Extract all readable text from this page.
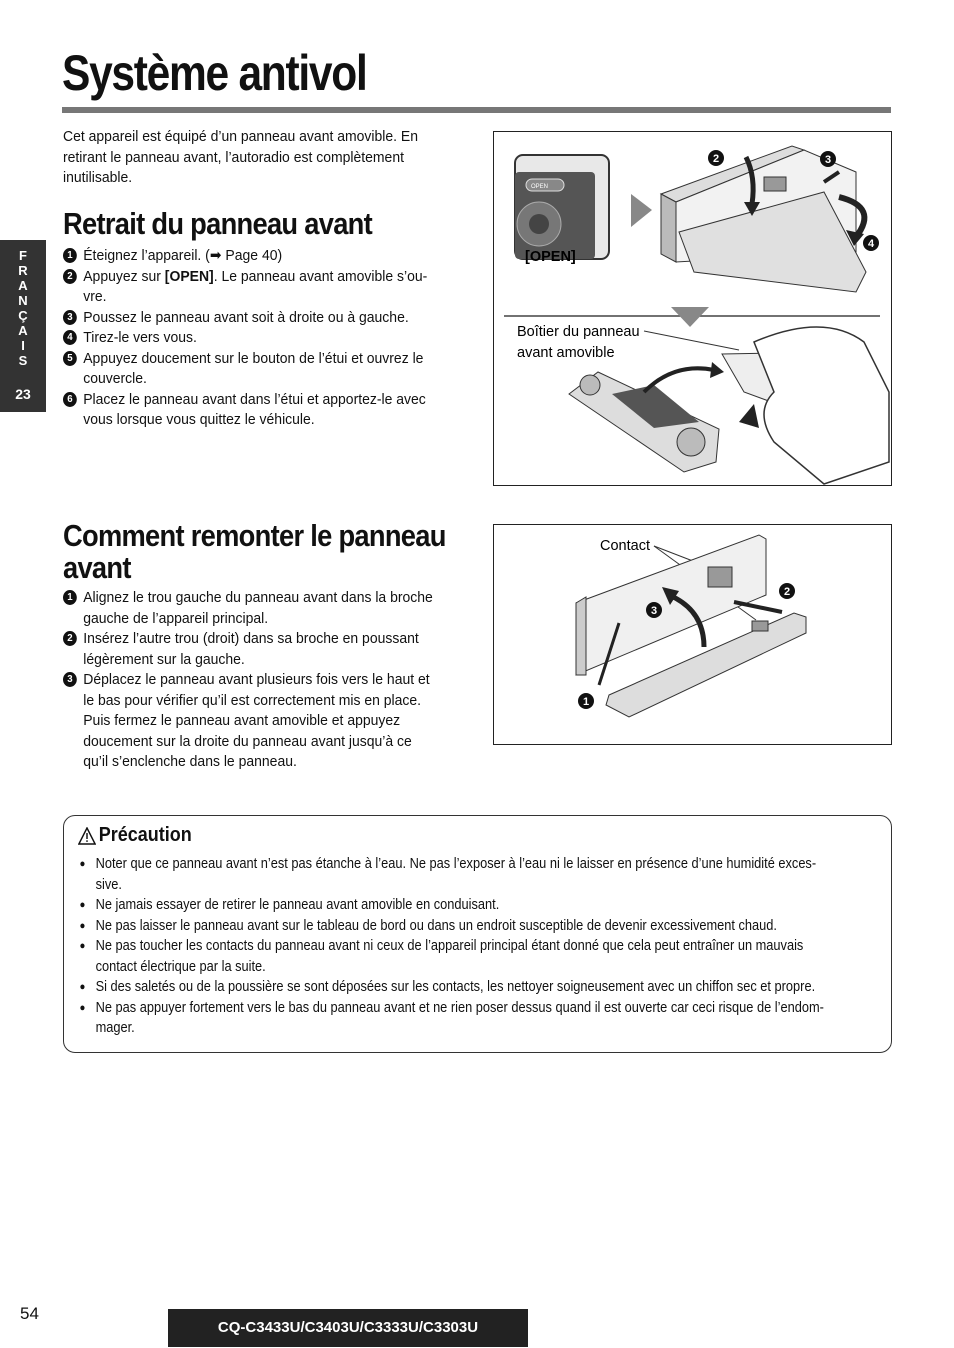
Système antivol
F
R
A
N
Ç
A
I
S
23
Cet appareil est équipé d’un panneau avant amovible. En
retirant le panneau avant, l’autoradio est complètement
inutilisable.
Retrait du panneau avant
1 Éteignez l’appareil. (➡ Page 40)
2 Appuyez sur [OPEN]. Le panneau avant amovible s’ou-
vre.
3 Poussez le panneau avant soit à droite ou à gauche.
4 Tirez-le vers vous.
5 Appuyez doucement sur le bouton de l’étui et ouvrez le
couvercle.
6 Placez le panneau avant dans l’étui et apportez-le avec
vous lorsque vous quittez le véhicule.
OPEN
[OPEN]
2	3
4
Boîtier du panneau
avant amovible
Comment remonter le panneau
avant
1 Alignez le trou gauche du panneau avant dans la broche
gauche de l’appareil principal.
2 Insérez l’autre trou (droit) dans sa broche en poussant
légèrement sur la gauche.
3 Déplacez le panneau avant plusieurs fois vers le haut et
le bas pour vérifier qu’il est correctement mis en place.
Puis fermez le panneau avant amovible et appuyez
doucement sur la droite du panneau avant jusqu’à ce
qu’il s’enclenche dans le panneau.
Contact
1
2
3
Précaution
● Noter que ce panneau avant n’est pas étanche à l’eau. Ne pas l’exposer à l’eau ni le laisser en présence d’une humidité exces-
sive.
● Ne jamais essayer de retirer le panneau avant amovible en conduisant.
● Ne pas laisser le panneau avant sur le tableau de bord ou dans un endroit susceptible de devenir excessivement chaud.
● Ne pas toucher les contacts du panneau avant ni ceux de l’appareil principal étant donné que cela peut entraîner un mauvais
contact électrique par la suite.
● Si des saletés ou de la poussière se sont déposées sur les contacts, les nettoyer soigneusement avec un chiffon sec et propre.
● Ne pas appuyer fortement vers le bas du panneau avant et ne rien poser dessus quand il est ouverte car ceci risque de l’endom-
mager.
54
CQ-C3433U/C3403U/C3333U/C3303U
